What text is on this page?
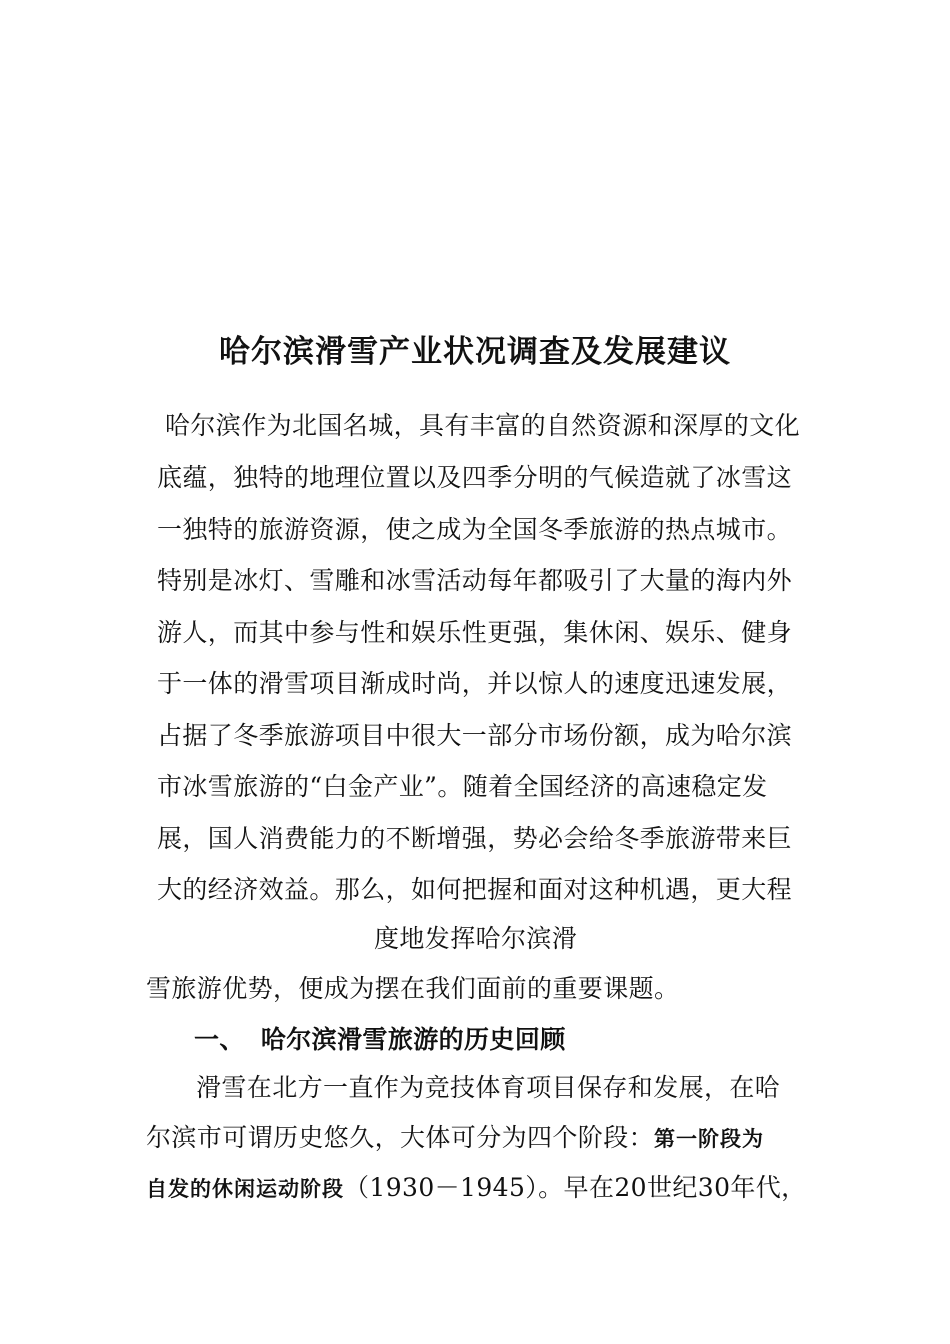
哈尔滨滑雪产业状况调查及发展建议
哈尔滨作为北国名城，具有丰富的自然资源和深厚的文化
底蕴，独特的地理位置以及四季分明的气候造就了冰雪这
一独特的旅游资源，使之成为全国冬季旅游的热点城市。
特别是冰灯、雪雕和冰雪活动每年都吸引了大量的海内外
游人，而其中参与性和娱乐性更强，集休闲、娱乐、健身
于一体的滑雪项目渐成时尚，并以惊人的速度迅速发展，
占据了冬季旅游项目中很大一部分市场份额，成为哈尔滨
市冰雪旅游的“白金产业”。随着全国经济的高速稳定发
展，国人消费能力的不断增强，势必会给冬季旅游带来巨
大的经济效益。那么，如何把握和面对这种机遇，更大程
度地发挥哈尔滨滑
雪旅游优势，便成为摆在我们面前的重要课题。
一、 哈尔滨滑雪旅游的历史回顾
滑雪在北方一直作为竞技体育项目保存和发展，在哈
尔滨市可谓历史悠久，大体可分为四个阶段：第一阶段为
自发的休闲运动阶段（1930－1945）。早在20世纪30年代，
